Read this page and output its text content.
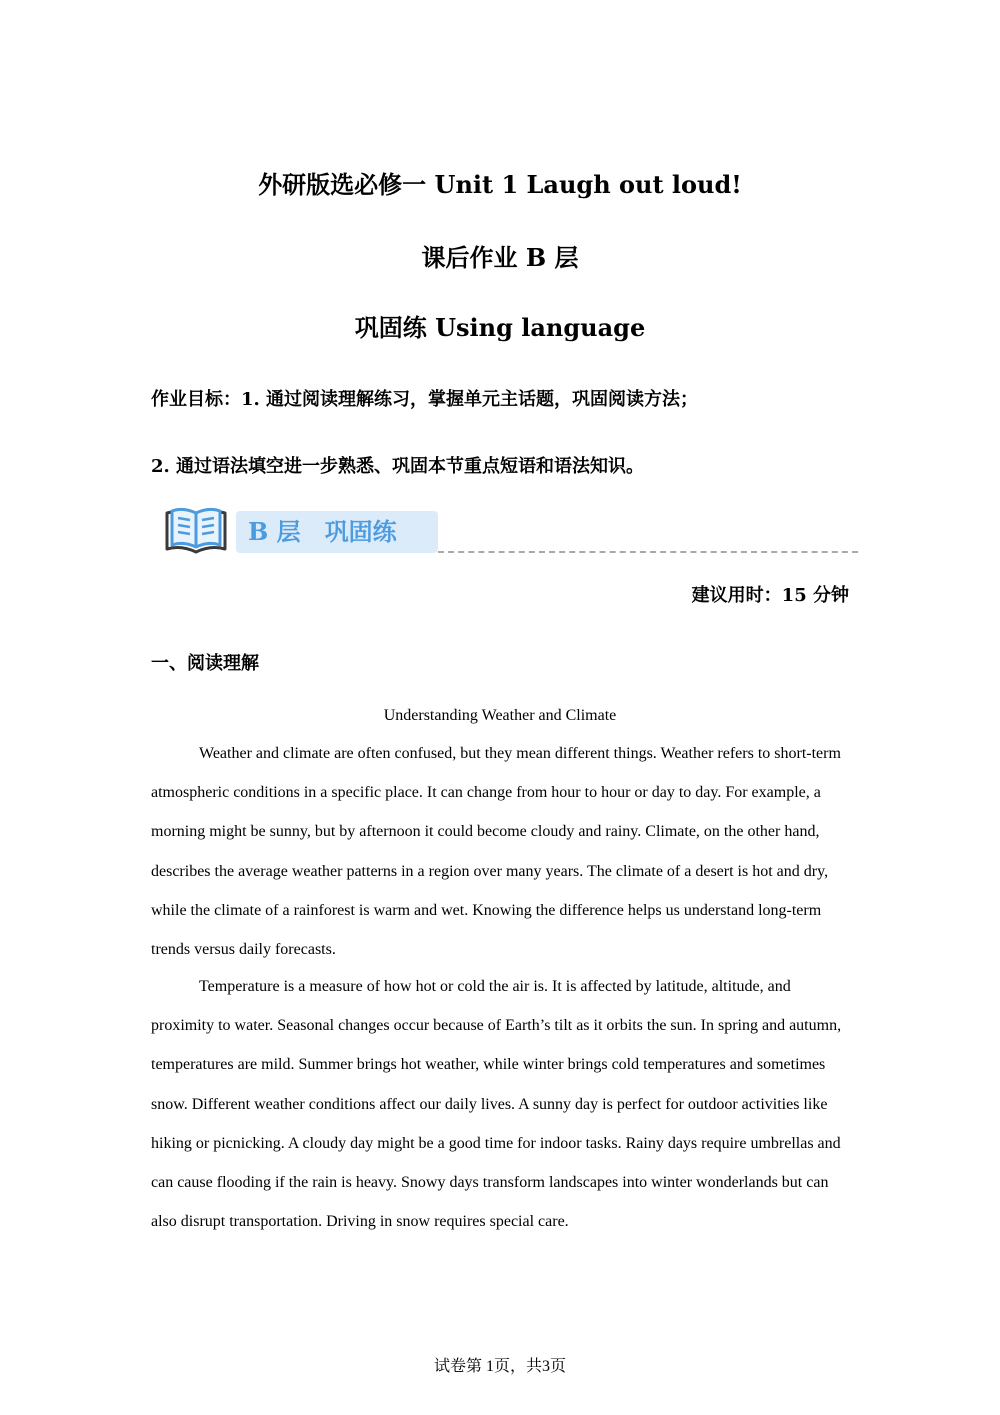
外研版选必修一 Unit 1 Laugh out loud!
课后作业 B 层
巩固练 Using language
作业目标：1. 通过阅读理解练习，掌握单元主话题，巩固阅读方法；
2. 通过语法填空进一步熟悉、巩固本节重点短语和语法知识。
B 层　巩固练
建议用时：15 分钟
一、阅读理解
Understanding Weather and Climate

Weather and climate are often confused, but they mean different things. Weather refers to short-term atmospheric conditions in a specific place. It can change from hour to hour or day to day. For example, a morning might be sunny, but by afternoon it could become cloudy and rainy. Climate, on the other hand, describes the average weather patterns in a region over many years. The climate of a desert is hot and dry, while the climate of a rainforest is warm and wet. Knowing the difference helps us understand long-term trends versus daily forecasts.

Temperature is a measure of how hot or cold the air is. It is affected by latitude, altitude, and proximity to water. Seasonal changes occur because of Earth’s tilt as it orbits the sun. In spring and autumn, temperatures are mild. Summer brings hot weather, while winter brings cold temperatures and sometimes snow. Different weather conditions affect our daily lives. A sunny day is perfect for outdoor activities like hiking or picnicking. A cloudy day might be a good time for indoor tasks. Rainy days require umbrellas and can cause flooding if the rain is heavy. Snowy days transform landscapes into winter wonderlands but can also disrupt transportation. Driving in snow requires special care.

试卷第 1页，共3页
